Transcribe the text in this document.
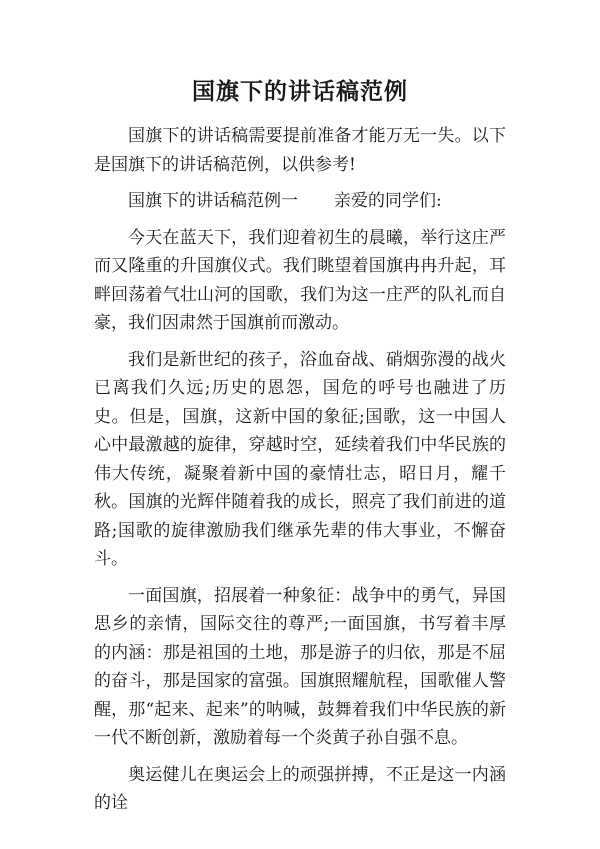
国旗下的讲话稿范例

国旗下的讲话稿需要提前准备才能万无一失。以下是国旗下的讲话稿范例，以供参考!

国旗下的讲话稿范例一 亲爱的同学们:

今天在蓝天下，我们迎着初生的晨曦，举行这庄严而又隆重的升国旗仪式。我们眺望着国旗冉冉升起，耳畔回荡着气壮山河的国歌，我们为这一庄严的队礼而自豪，我们因肃然于国旗前而激动。

我们是新世纪的孩子，浴血奋战、硝烟弥漫的战火已离我们久远;历史的恩怨，国危的呼号也融进了历史。但是，国旗，这新中国的象征;国歌，这一中国人心中最激越的旋律，穿越时空，延续着我们中华民族的伟大传统，凝聚着新中国的豪情壮志，昭日月，耀千秋。国旗的光辉伴随着我的成长，照亮了我们前进的道路;国歌的旋律激励我们继承先辈的伟大事业，不懈奋斗。

一面国旗，招展着一种象征：战争中的勇气，异国思乡的亲情，国际交往的尊严;一面国旗，书写着丰厚的内涵：那是祖国的土地，那是游子的归依，那是不屈的奋斗，那是国家的富强。国旗照耀航程，国歌催人警醒，那“起来、起来”的呐喊，鼓舞着我们中华民族的新一代不断创新，激励着每一个炎黄子孙自强不息。

奥运健儿在奥运会上的顽强拼搏，不正是这一内涵的诠
